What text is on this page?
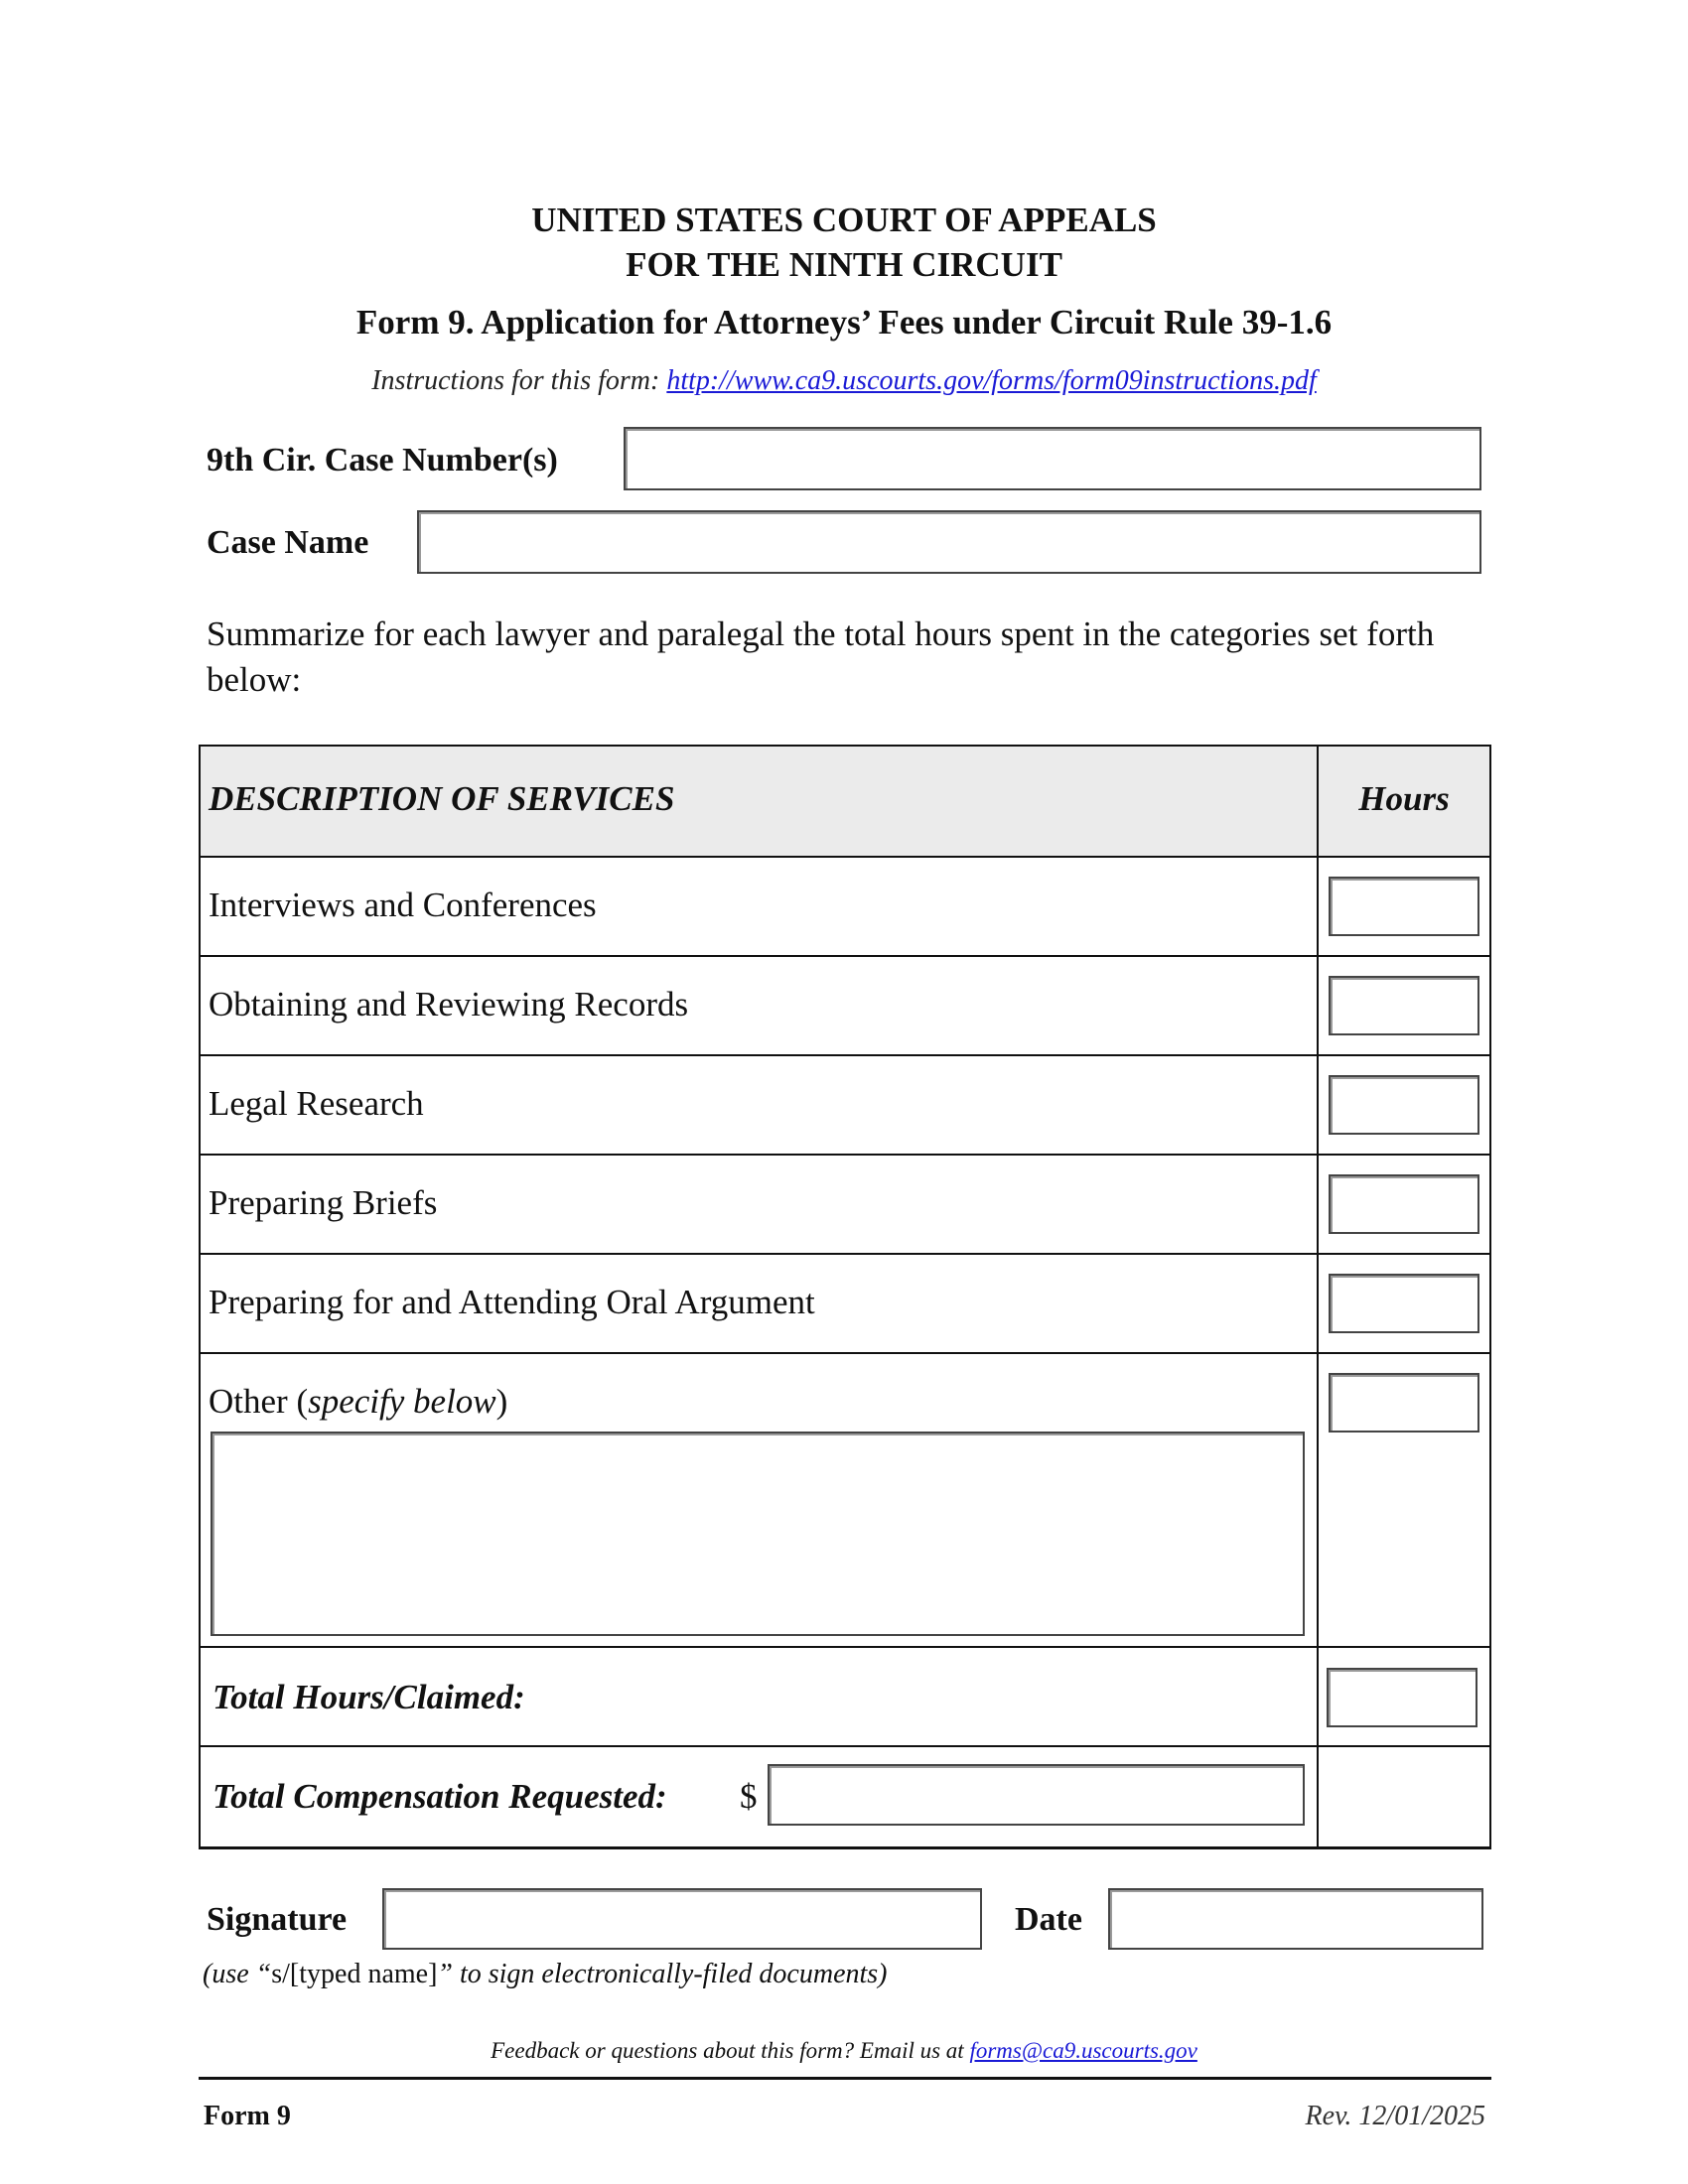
UNITED STATES COURT OF APPEALS
FOR THE NINTH CIRCUIT
Form 9. Application for Attorneys’ Fees under Circuit Rule 39-1.6
Instructions for this form: http://www.ca9.uscourts.gov/forms/form09instructions.pdf
9th Cir. Case Number(s)
Case Name
Summarize for each lawyer and paralegal the total hours spent in the categories set forth below:
DESCRIPTION OF SERVICES	Hours
Interviews and Conferences
Obtaining and Reviewing Records
Legal Research
Preparing Briefs
Preparing for and Attending Oral Argument
Other (specify below)
Total Hours/Claimed:
Total Compensation Requested: $
Signature	Date
(use “s/[typed name]” to sign electronically-filed documents)
Feedback or questions about this form? Email us at forms@ca9.uscourts.gov
Form 9	Rev. 12/01/2025
